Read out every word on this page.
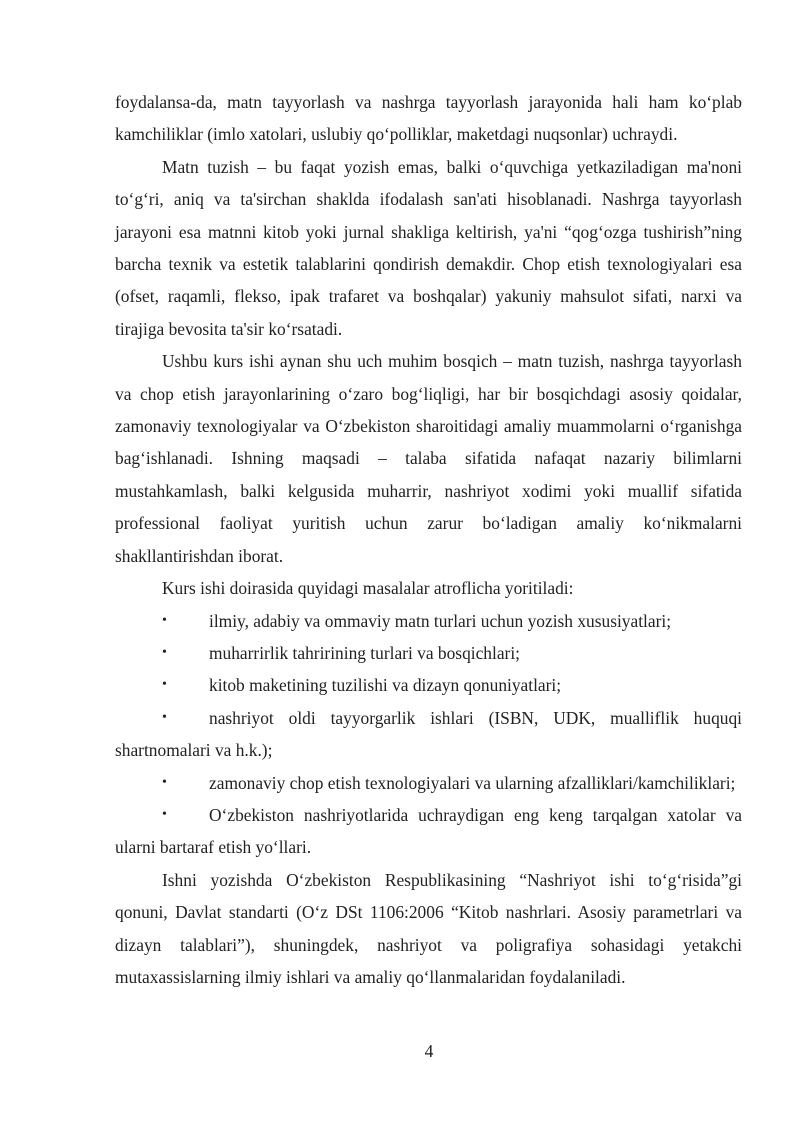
foydalansa-da, matn tayyorlash va nashrga tayyorlash jarayonida hali ham koʻplab kamchiliklar (imlo xatolari, uslubiy qoʻpolliklar, maketdagi nuqsonlar) uchraydi.

Matn tuzish – bu faqat yozish emas, balki oʻquvchiga yetkaziladigan ma'noni toʻgʻri, aniq va ta'sirchan shaklda ifodalash san'ati hisoblanadi. Nashrga tayyorlash jarayoni esa matnni kitob yoki jurnal shakliga keltirish, ya'ni “qogʻozga tushirish”ning barcha texnik va estetik talablarini qondirish demakdir. Chop etish texnologiyalari esa (ofset, raqamli, flekso, ipak trafaret va boshqalar) yakuniy mahsulot sifati, narxi va tirajiga bevosita ta'sir koʻrsatadi.

Ushbu kurs ishi aynan shu uch muhim bosqich – matn tuzish, nashrga tayyorlash va chop etish jarayonlarining oʻzaro bogʻliqligi, har bir bosqichdagi asosiy qoidalar, zamonaviy texnologiyalar va Oʻzbekiston sharoitidagi amaliy muammolarni oʻrganishga bagʻishlanadi. Ishning maqsadi – talaba sifatida nafaqat nazariy bilimlarni mustahkamlash, balki kelgusida muharrir, nashriyot xodimi yoki muallif sifatida professional faoliyat yuritish uchun zarur boʻladigan amaliy koʻnikmalarni shakllantirishdan iborat.

Kurs ishi doirasida quyidagi masalalar atroflicha yoritiladi:

• ilmiy, adabiy va ommaviy matn turlari uchun yozish xususiyatlari;

• muharrirlik tahririning turlari va bosqichlari;

• kitob maketining tuzilishi va dizayn qonuniyatlari;

• nashriyot oldi tayyorgarlik ishlari (ISBN, UDK, mualliflik huquqi shartnomalari va h.k.);

• zamonaviy chop etish texnologiyalari va ularning afzalliklari/kamchiliklari;

• Oʻzbekiston nashriyotlarida uchraydigan eng keng tarqalgan xatolar va ularni bartaraf etish yoʻllari.

Ishni yozishda Oʻzbekiston Respublikasining “Nashriyot ishi toʻgʻrisida”gi qonuni, Davlat standarti (Oʻz DSt 1106:2006 “Kitob nashrlari. Asosiy parametrlari va dizayn talablari”), shuningdek, nashriyot va poligrafiya sohasidagi yetakchi mutaxassislarning ilmiy ishlari va amaliy qoʻllanmalaridan foydalaniladi.

4
